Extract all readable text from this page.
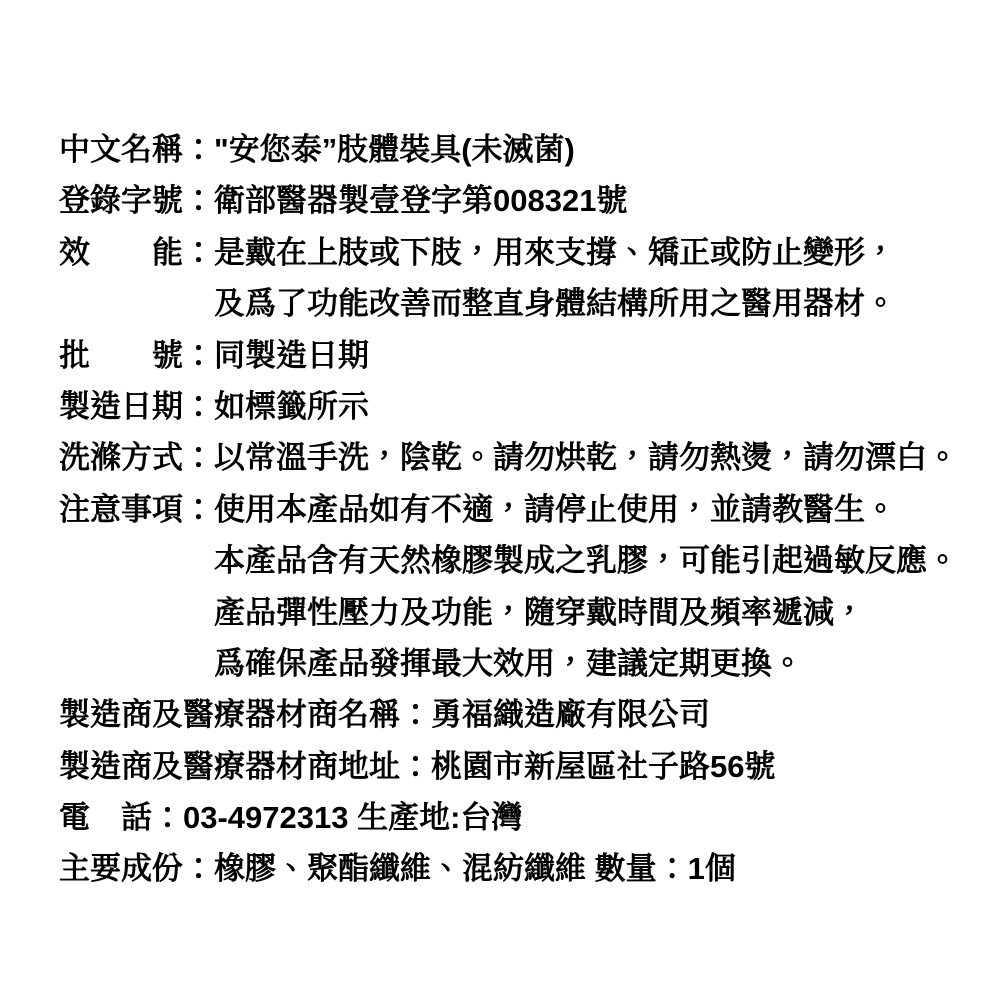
中文名稱："安您泰”肢體裝具(未滅菌)
登錄字號：衛部醫器製壹登字第008321號
效　　能：是戴在上肢或下肢，用來支撐、矯正或防止變形，
及爲了功能改善而整直身體結構所用之醫用器材。
批　　號：同製造日期
製造日期：如標籤所示
洗滌方式：以常溫手洗，陰乾。請勿烘乾，請勿熱燙，請勿漂白。
注意事項：使用本產品如有不適，請停止使用，並請教醫生。
本產品含有天然橡膠製成之乳膠，可能引起過敏反應。
產品彈性壓力及功能，隨穿戴時間及頻率遞減，
爲確保產品發揮最大效用，建議定期更換。
製造商及醫療器材商名稱：勇福織造廠有限公司
製造商及醫療器材商地址：桃園市新屋區社子路56號
電　話：03-4972313 生產地:台灣
主要成份：橡膠、聚酯纖維、混紡纖維 數量：1個
